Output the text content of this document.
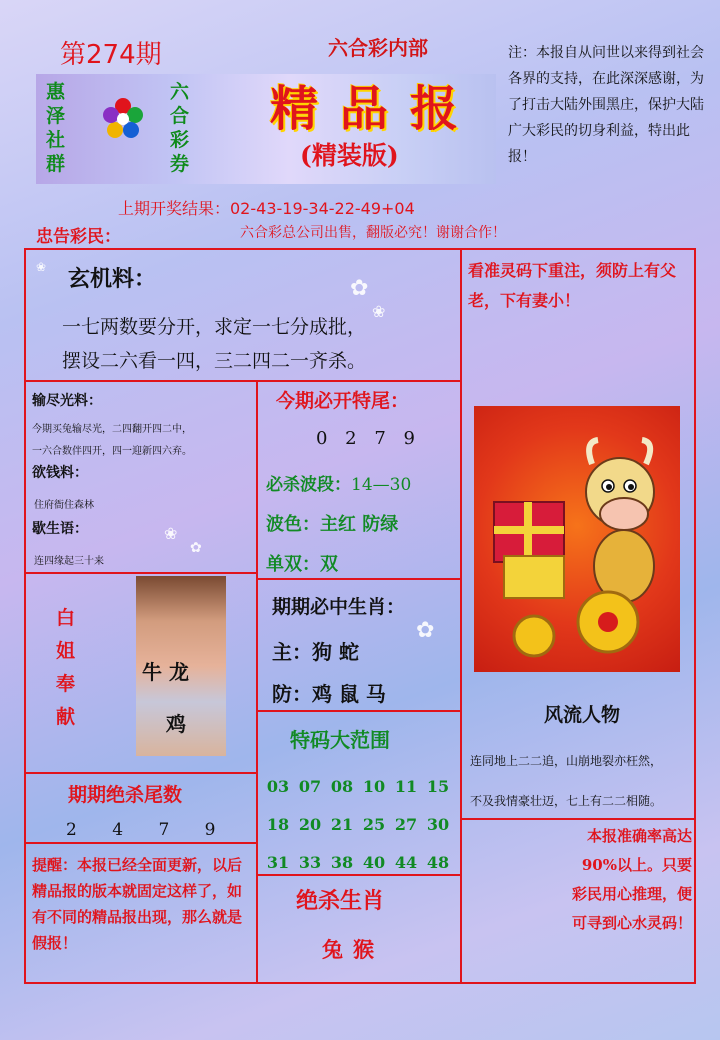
第274期
惠
泽
社
群
六
合
彩
券
六合彩内部
精品报
(精装版)
注：本报自从问世以来得到社会各界的支持，在此深深感谢，为了打击大陆外围黑庄，保护大陆广大彩民的切身利益，特出此报！
上期开奖结果：02-43-19-34-22-49+04
忠告彩民：	六合彩总公司出售，翻版必究！谢谢合作！
✿
❀
❀
✿
✿
❀ 玄机料：
一七两数要分开，求定一七分成批，
摆设二六看一四，三二四二一齐杀。
看准灵码下重注，须防上有父老，下有妻小！
输尽光料：
今期买兔输尽光，二四翻开四二中，
一六合数伴四开，四一迎新四六弃。
欲钱料：
住府衙住森林
歇生语：
连四缘起三十来
今期必开特尾：
0 2 7 9
必杀波段：14—30
波色：主红 防绿
单双：双
期期必中生肖：
主：狗 蛇
防：鸡 鼠 马
白
姐
奉
献
牛 龙
鸡
特码大范围
03 07 08 10 11 15
18 20 21 25 27 30
31 33 38 40 44 48
期期绝杀尾数
2 4 7 9
提醒：本报已经全面更新，以后精品报的版本就固定这样了，如有不同的精品报出现，那么就是假报！
绝杀生肖
兔猴
风流人物
连同地上二二追，山崩地裂亦枉然，
不及我情豪壮迈，七上有二二相随。
本报准确率高达90%以上。只要彩民用心推理，便可寻到心水灵码！
